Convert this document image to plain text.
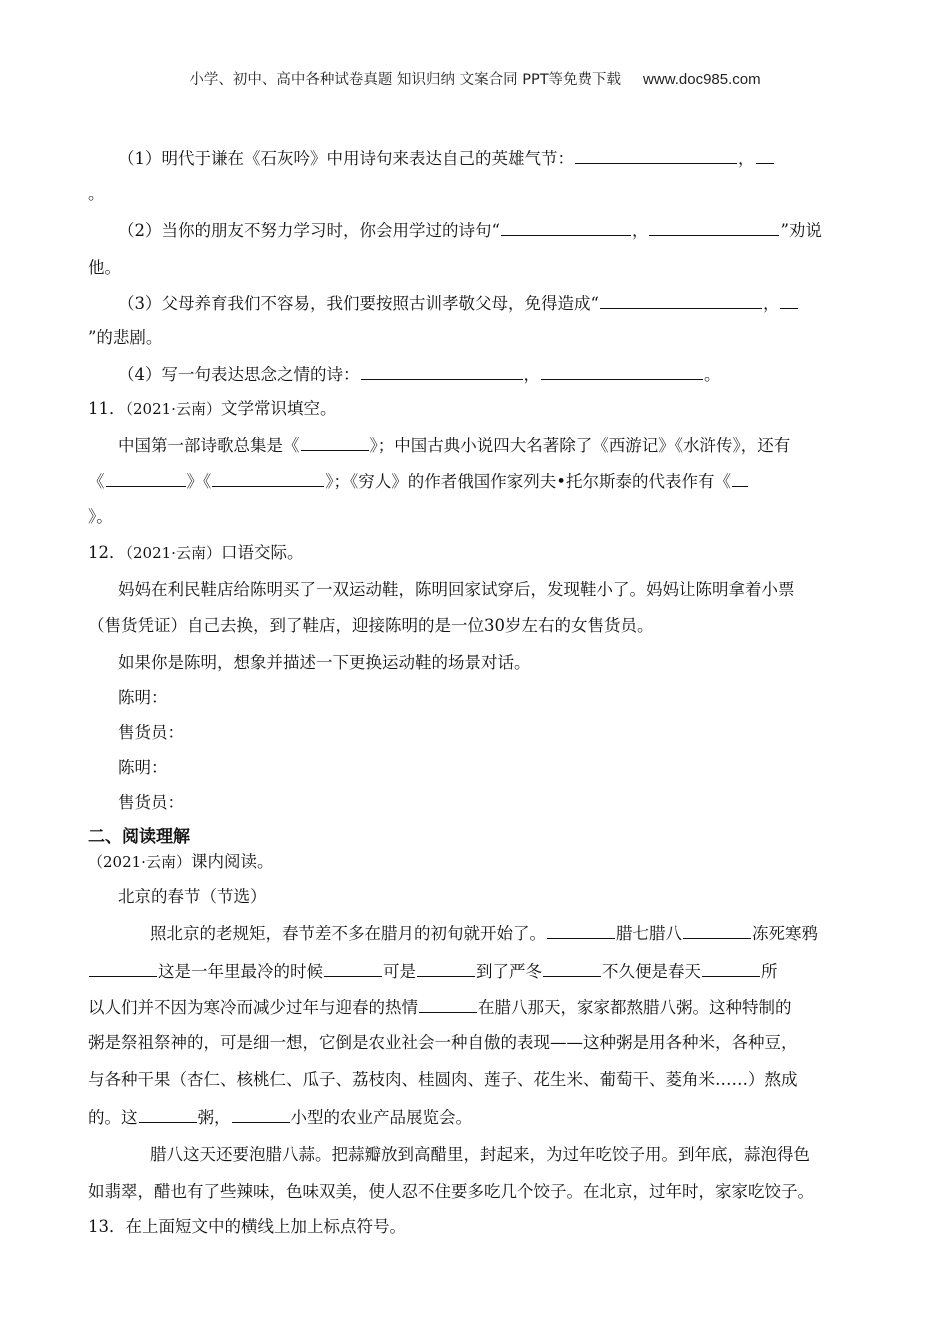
小学、初中、高中各种试卷真题 知识归纳 文案合同 PPT等免费下载 www.doc985.com
（1）明代于谦在《石灰吟》中用诗句来表达自己的英雄气节：	，
。
（2）当你的朋友不努力学习时，你会用学过的诗句“	，	”劝说
他。
（3）父母养育我们不容易，我们要按照古训孝敬父母，免得造成“	，
”的悲剧。
（4）写一句表达思念之情的诗：	，	。
11．（2021·云南）文学常识填空。
中国第一部诗歌总集是《	》；中国古典小说四大名著除了《西游记》《水浒传》，还有
《	》《	》；《穷人》的作者俄国作家列夫•托尔斯泰的代表作有《
》。
12．（2021·云南）口语交际。
妈妈在利民鞋店给陈明买了一双运动鞋，陈明回家试穿后，发现鞋小了。妈妈让陈明拿着小票
（售货凭证）自己去换，到了鞋店，迎接陈明的是一位30岁左右的女售货员。
如果你是陈明，想象并描述一下更换运动鞋的场景对话。
陈明：
售货员：
陈明：
售货员：
二、阅读理解
（2021·云南）课内阅读。
北京的春节（节选）
照北京的老规矩，春节差不多在腊月的初旬就开始了。	腊七腊八	冻死寒鸦
这是一年里最冷的时候	可是	到了严冬	不久便是春天	所
以人们并不因为寒冷而减少过年与迎春的热情	在腊八那天，家家都熬腊八粥。这种特制的
粥是祭祖祭神的，可是细一想，它倒是农业社会一种自傲的表现——这种粥是用各种米，各种豆，
与各种干果（杏仁、核桃仁、瓜子、荔枝肉、桂圆肉、莲子、花生米、葡萄干、菱角米……）熬成
的。这	粥，	小型的农业产品展览会。
腊八这天还要泡腊八蒜。把蒜瓣放到高醋里，封起来，为过年吃饺子用。到年底，蒜泡得色
如翡翠，醋也有了些辣味，色味双美，使人忍不住要多吃几个饺子。在北京，过年时，家家吃饺子。
13．在上面短文中的横线上加上标点符号。
